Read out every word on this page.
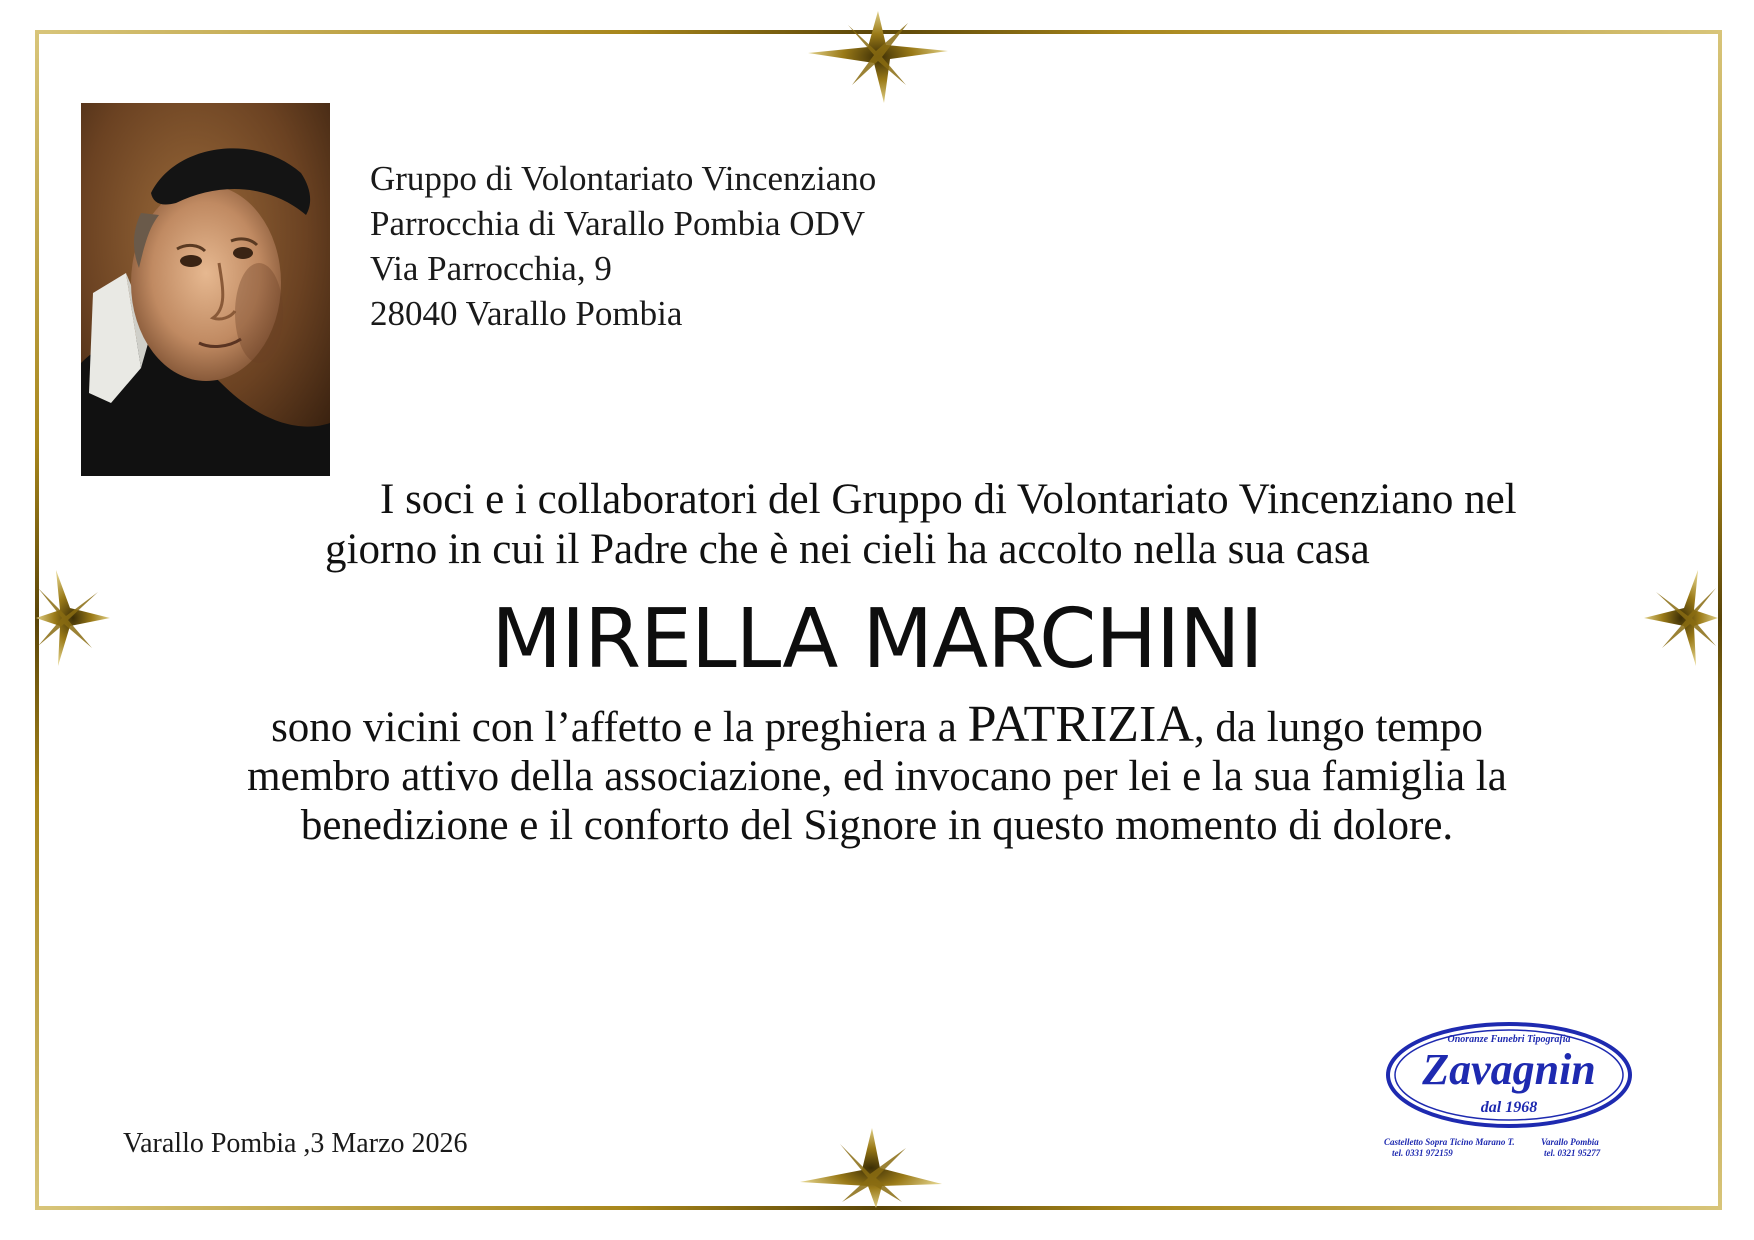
Gruppo di Volontariato Vincenziano
Parrocchia di Varallo Pombia ODV
Via Parrocchia, 9
28040 Varallo Pombia
I soci e i collaboratori del Gruppo di Volontariato Vincenziano nel
giorno in cui il Padre che è nei cieli ha accolto nella sua casa
MIRELLA MARCHINI
sono vicini con l’affetto e la preghiera a PATRIZIA, da lungo tempo membro attivo della associazione, ed invocano per lei e la sua famiglia la benedizione e il conforto del Signore in questo momento di dolore.
Varallo Pombia ,3 Marzo 2026
Onoranze Funebri Tipografia
Zavagnin
dal 1968
Castelletto Sopra Ticino Marano T.	Varallo Pombia
tel. 0331 972159	tel. 0321 95277
